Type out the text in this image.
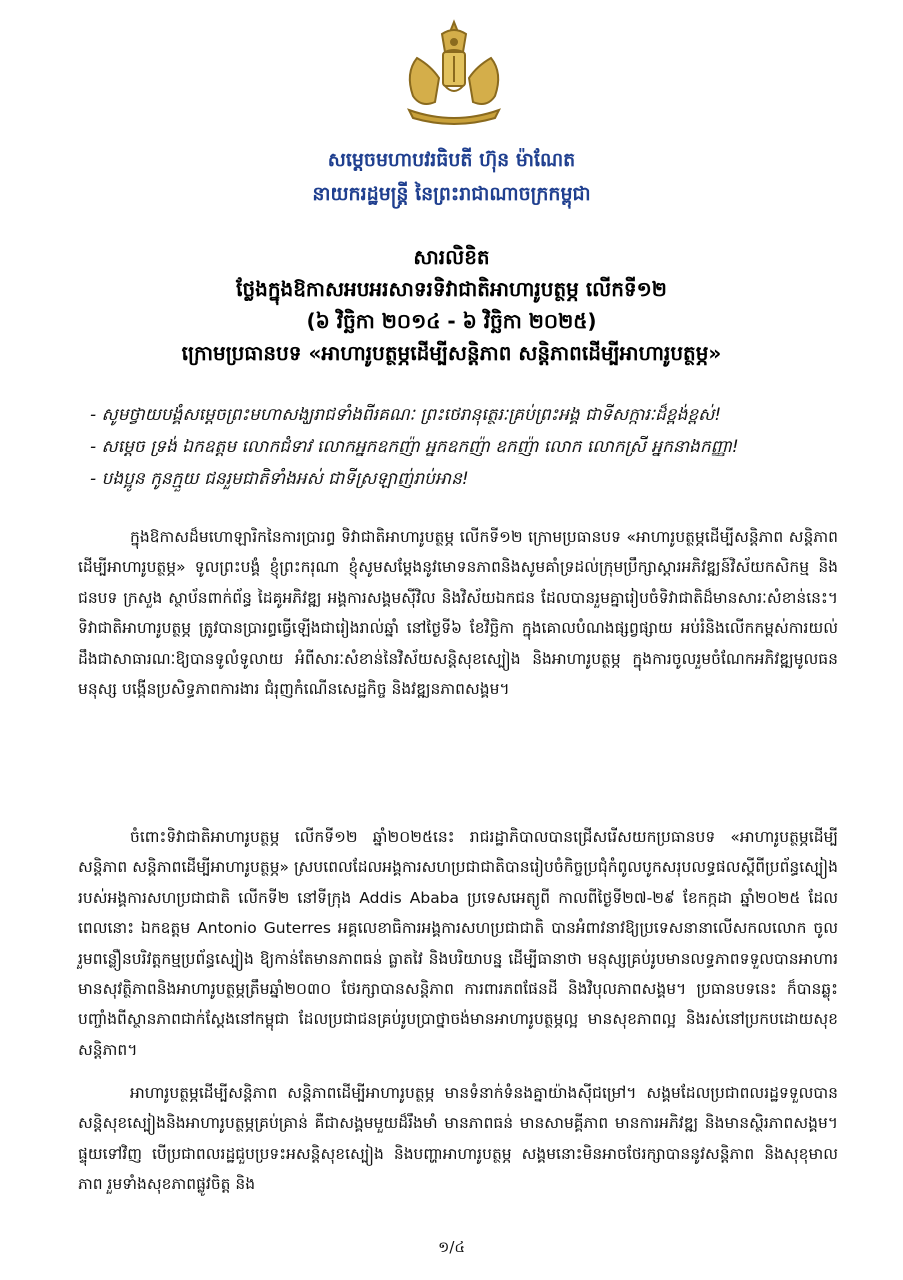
សម្ដេចមហាបវរធិបតី ហ៊ុន ម៉ាណែត
នាយករដ្ឋមន្ត្រី នៃព្រះរាជាណាចក្រកម្ពុជា
សារលិខិត
ថ្លែងក្នុងឱកាសអបអរសាទរទិវាជាតិអាហារូបត្ថម្ភ លើកទី១២
(៦ វិច្ឆិកា ២០១៤ - ៦ វិច្ឆិកា ២០២៥)
ក្រោមប្រធានបទ «អាហារូបត្ថម្ភដើម្បីសន្តិភាព សន្តិភាពដើម្បីអាហារូបត្ថម្ភ»
- សូមថ្វាយបង្គំសម្ដេចព្រះមហាសង្ឃរាជទាំងពីរគណៈ ព្រះថេរានុត្ថេរៈគ្រប់ព្រះអង្គ ជាទីសក្ការៈដ៏ខ្ពង់ខ្ពស់!
- សម្ដេច ទ្រង់ ឯកឧត្តម លោកជំទាវ លោកអ្នកឧកញ៉ា អ្នកឧកញ៉ា ឧកញ៉ា លោក លោកស្រី អ្នកនាងកញ្ញា!
- បងប្អូន កូនក្មួយ ជនរួមជាតិទាំងអស់ ជាទីស្រឡាញ់រាប់អាន!
ក្នុងឱកាសដ៏មហោឡារិកនៃការប្រារព្ធ ទិវាជាតិអាហារូបត្ថម្ភ លើកទី១២ ក្រោមប្រធានបទ «អាហារូបត្ថម្ភដើម្បីសន្តិភាព សន្តិភាពដើម្បីអាហារូបត្ថម្ភ» ទូលព្រះបង្គំ ខ្ញុំព្រះករុណា ខ្ញុំសូមសម្ដែងនូវមោទនភាពនិងសូមគាំទ្រដល់ក្រុមប្រឹក្សាស្ដារអភិវឌ្ឍន៍វិស័យកសិកម្ម និងជនបទ ក្រសួង ស្ថាប័នពាក់ព័ន្ធ ដៃគូអភិវឌ្ឍ អង្គការសង្គមស៊ីវិល និងវិស័យឯកជន ដែលបានរួមគ្នារៀបចំទិវាជាតិដ៏មានសារៈសំខាន់នេះ។ ទិវាជាតិអាហារូបត្ថម្ភ ត្រូវបានប្រារព្ធធ្វើឡើងជារៀងរាល់ឆ្នាំ នៅថ្ងៃទី៦ ខែវិច្ឆិកា ក្នុងគោលបំណងផ្សព្វផ្សាយ អប់រំនិងលើកកម្ពស់ការយល់ដឹងជាសាធារណៈឱ្យបានទូលំទូលាយ អំពីសារៈសំខាន់នៃវិស័យសន្តិសុខស្បៀង និងអាហារូបត្ថម្ភ ក្នុងការចូលរួមចំណែកអភិវឌ្ឍមូលធនមនុស្ស បង្កើនប្រសិទ្ធភាពការងារ ជំរុញកំណើនសេដ្ឋកិច្ច និងវឌ្ឍនភាពសង្គម។
ចំពោះទិវាជាតិអាហារូបត្ថម្ភ លើកទី១២ ឆ្នាំ២០២៥នេះ រាជរដ្ឋាភិបាលបានជ្រើសរើសយកប្រធានបទ «អាហារូបត្ថម្ភដើម្បីសន្តិភាព សន្តិភាពដើម្បីអាហារូបត្ថម្ភ» ស្របពេលដែលអង្គការសហប្រជាជាតិបានរៀបចំកិច្ចប្រជុំកំពូលបូកសរុបលទ្ធផលស្ដីពីប្រព័ន្ធស្បៀងរបស់អង្គការសហប្រជាជាតិ លើកទី២ នៅទីក្រុង Addis Ababa ប្រទេសអេត្យូពី កាលពីថ្ងៃទី២៧-២៩ ខែកក្កដា ឆ្នាំ២០២៥ ដែលពេលនោះ ឯកឧត្តម Antonio Guterres អគ្គលេខាធិការអង្គការសហប្រជាជាតិ បានអំពាវនាវឱ្យប្រទេសនានាលើសកលលោក ចូលរួមពន្លឿនបរិវត្តកម្មប្រព័ន្ធស្បៀង ឱ្យកាន់តែមានភាពធន់ ធ្លាតវៃ និងបរិយាបន្ន ដើម្បីធានាថា មនុស្សគ្រប់រូបមានលទ្ធភាពទទួលបានអាហារមានសុវត្ថិភាពនិងអាហារូបត្ថម្ភត្រឹមឆ្នាំ២០៣០ ថែរក្សាបានសន្តិភាព ការពារភពផែនដី និងវិបុលភាពសង្គម។ ប្រធានបទនេះ ក៏បានឆ្លុះបញ្ចាំងពីស្ថានភាពជាក់ស្ដែងនៅកម្ពុជា ដែលប្រជាជនគ្រប់រូបប្រាថ្នាចង់មានអាហារូបត្ថម្ភល្អ មានសុខភាពល្អ និងរស់នៅប្រកបដោយសុខសន្តិភាព។
អាហារូបត្ថម្ភដើម្បីសន្តិភាព សន្តិភាពដើម្បីអាហារូបត្ថម្ភ មានទំនាក់ទំនងគ្នាយ៉ាងស៊ីជម្រៅ។ សង្គមដែលប្រជាពលរដ្ឋទទួលបានសន្តិសុខស្បៀងនិងអាហារូបត្ថម្ភគ្រប់គ្រាន់ គឺជាសង្គមមួយដ៏រឹងមាំ មានភាពធន់ មានសាមគ្គីភាព មានការអភិវឌ្ឍ និងមានស្ថិរភាពសង្គម។ ផ្ទុយទៅវិញ បើប្រជាពលរដ្ឋជួបប្រទះអសន្តិសុខស្បៀង និងបញ្ហាអាហារូបត្ថម្ភ សង្គមនោះមិនអាចថែរក្សាបាននូវសន្តិភាព និងសុខុមាលភាព រួមទាំងសុខភាពផ្លូវចិត្ត និង
១/៤
